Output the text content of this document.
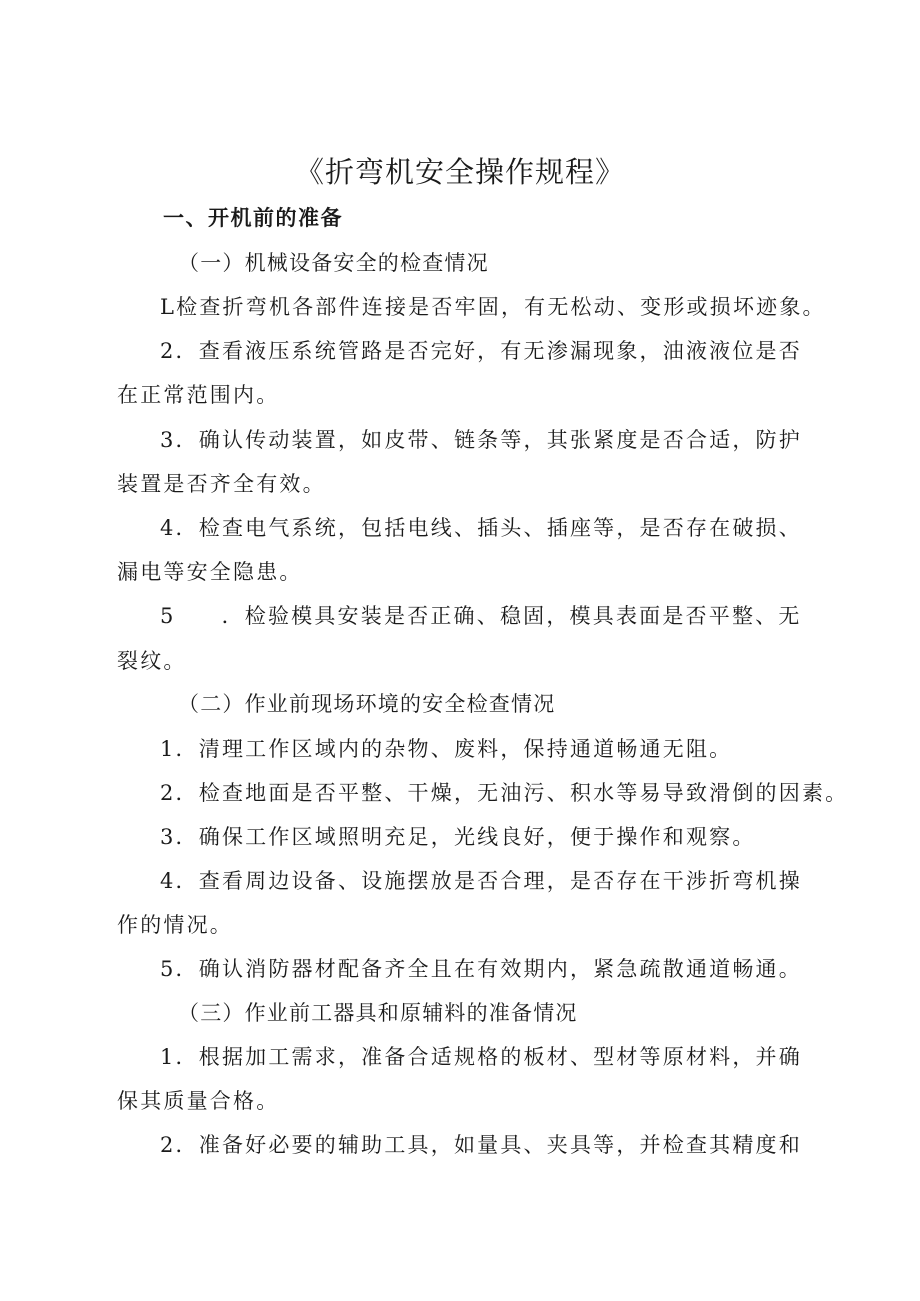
《折弯机安全操作规程》
一、开机前的准备
（一）机械设备安全的检查情况
L检查折弯机各部件连接是否牢固，有无松动、变形或损坏迹象。
2．查看液压系统管路是否完好，有无渗漏现象，油液液位是否
在正常范围内。
3．确认传动装置，如皮带、链条等，其张紧度是否合适，防护
装置是否齐全有效。
4．检查电气系统，包括电线、插头、插座等，是否存在破损、
漏电等安全隐患。
5 ．检验模具安装是否正确、稳固，模具表面是否平整、无
裂纹。
（二）作业前现场环境的安全检查情况
1．清理工作区域内的杂物、废料，保持通道畅通无阻。
2．检查地面是否平整、干燥，无油污、积水等易导致滑倒的因素。
3．确保工作区域照明充足，光线良好，便于操作和观察。
4．查看周边设备、设施摆放是否合理，是否存在干涉折弯机操
作的情况。
5．确认消防器材配备齐全且在有效期内，紧急疏散通道畅通。
（三）作业前工器具和原辅料的准备情况
1．根据加工需求，准备合适规格的板材、型材等原材料，并确
保其质量合格。
2．准备好必要的辅助工具，如量具、夹具等，并检查其精度和
